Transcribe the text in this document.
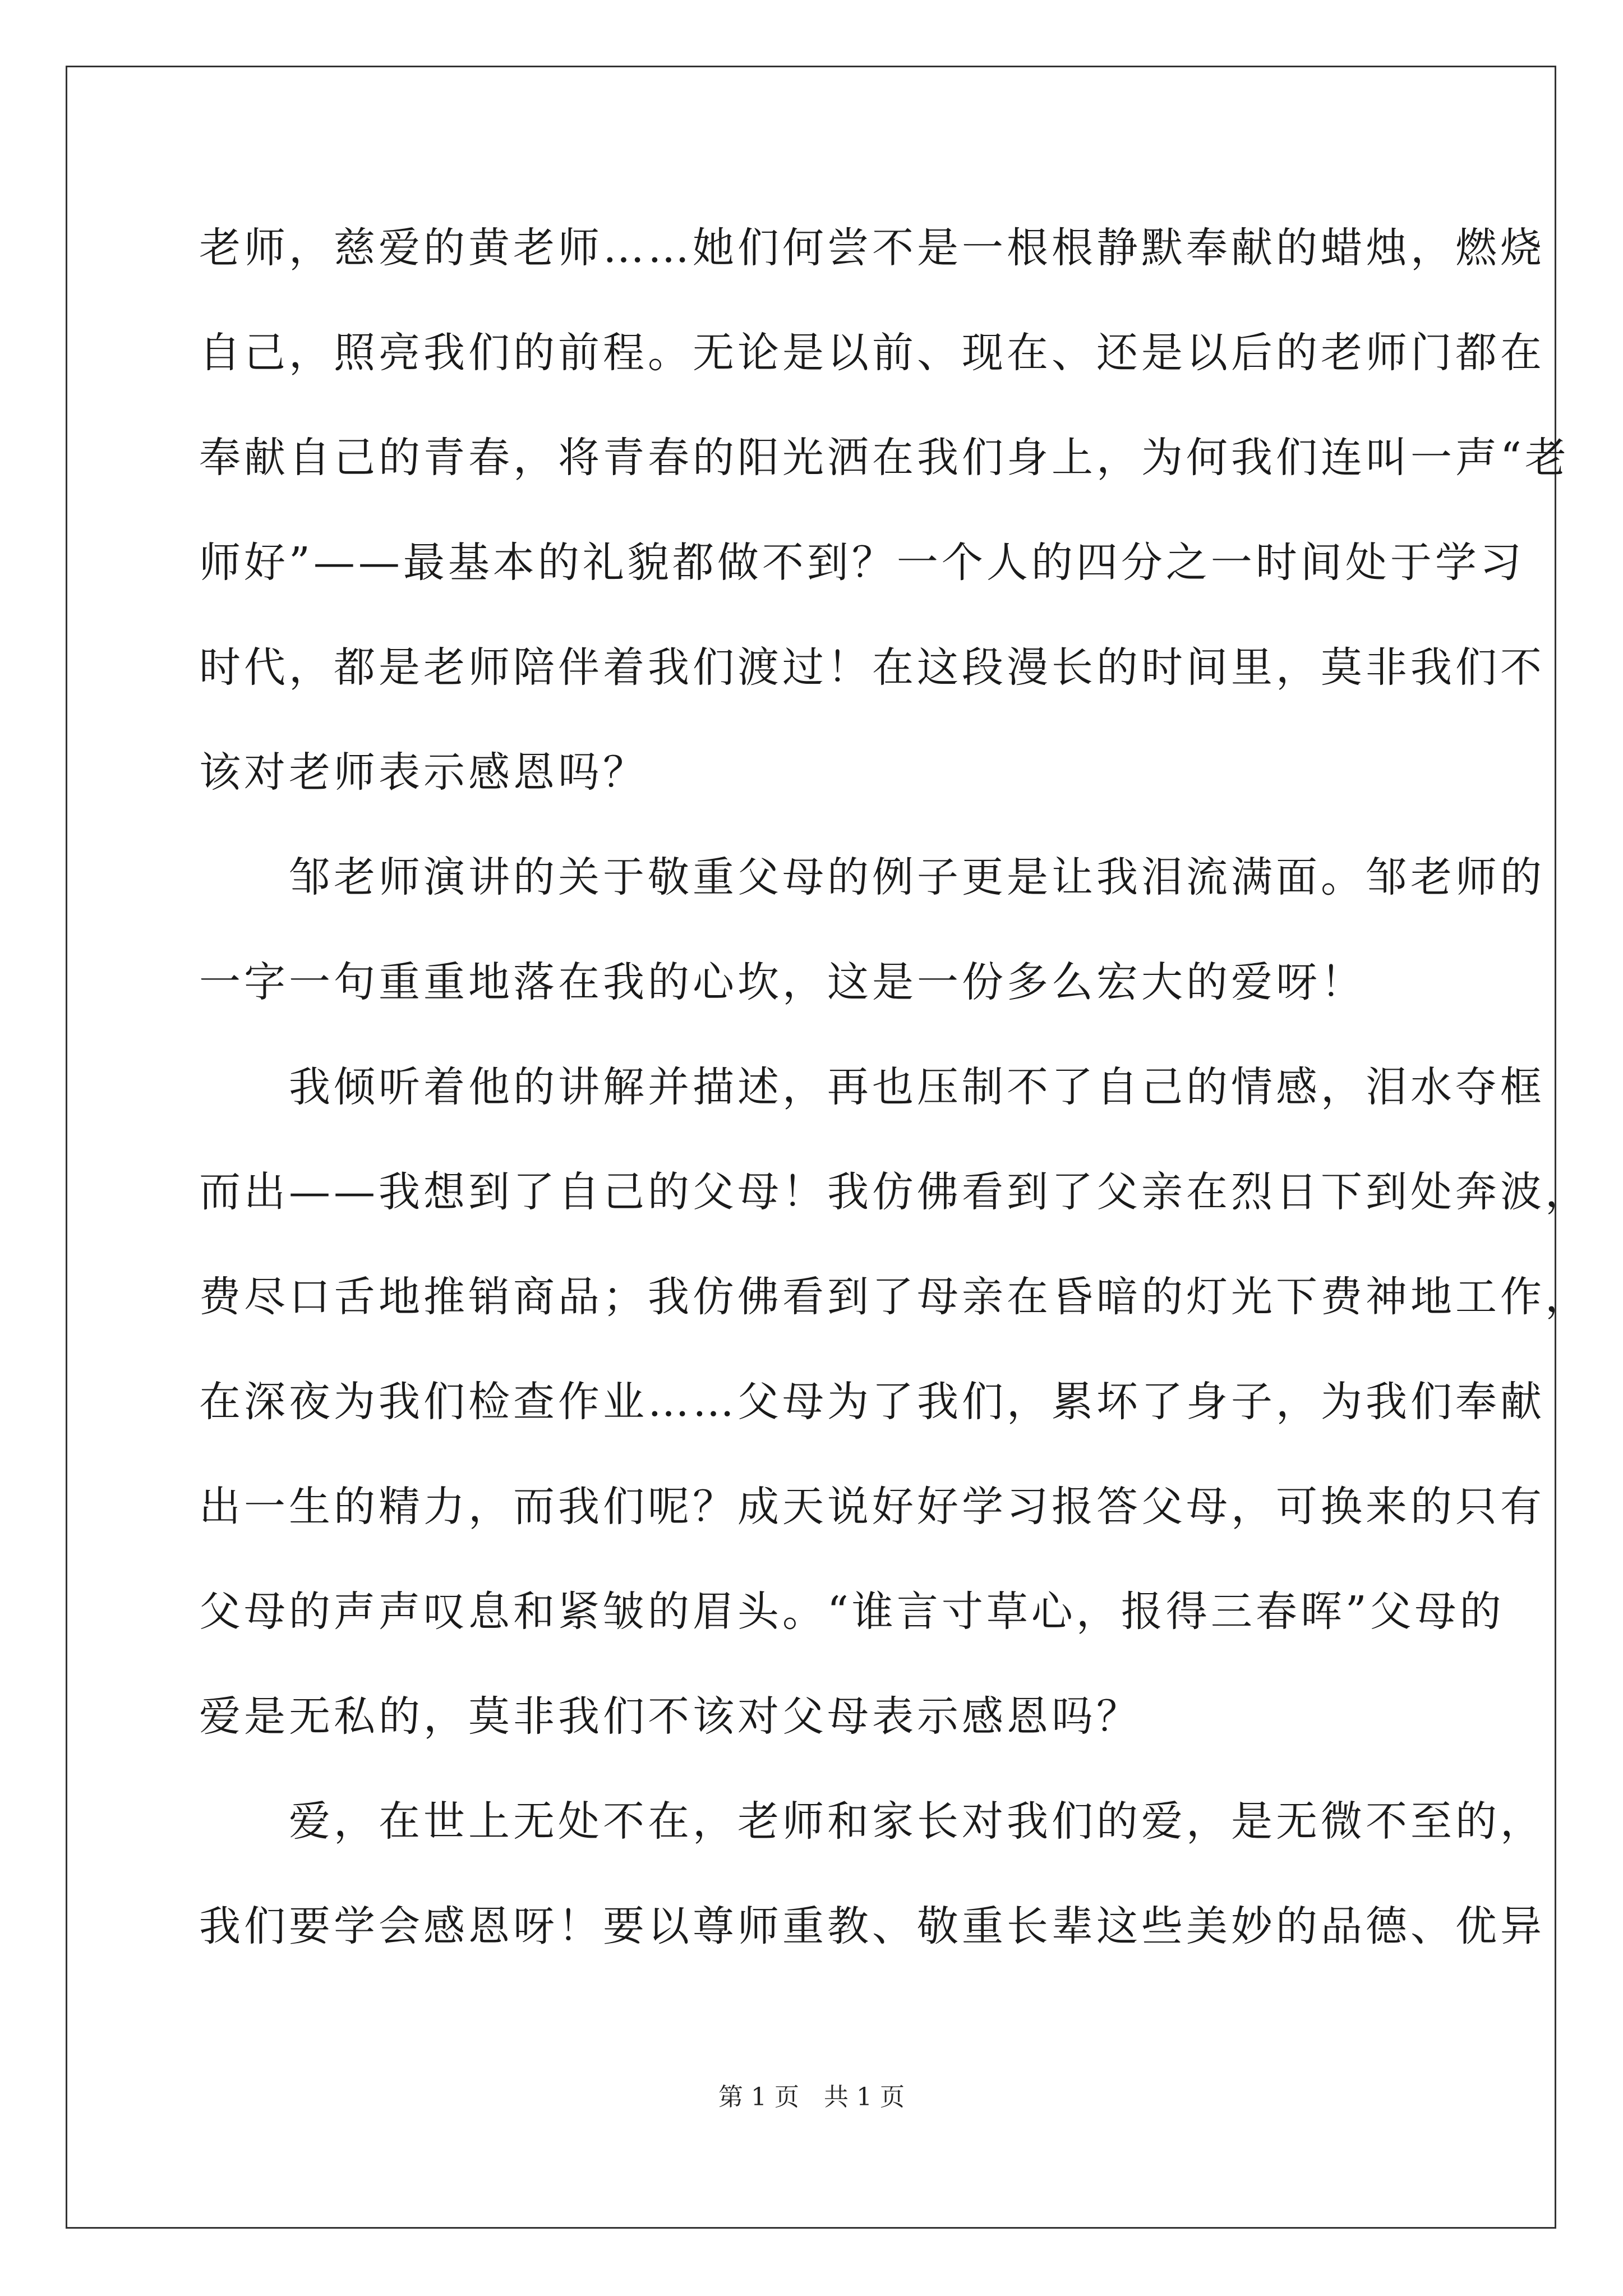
老师，慈爱的黄老师……她们何尝不是一根根静默奉献的蜡烛，燃烧
自己，照亮我们的前程。无论是以前、现在、还是以后的老师门都在
奉献自己的青春，将青春的阳光洒在我们身上，为何我们连叫一声“老
师好”——最基本的礼貌都做不到？一个人的四分之一时间处于学习
时代，都是老师陪伴着我们渡过！在这段漫长的时间里，莫非我们不
该对老师表示感恩吗？
　　邹老师演讲的关于敬重父母的例子更是让我泪流满面。邹老师的
一字一句重重地落在我的心坎，这是一份多么宏大的爱呀！
　　我倾听着他的讲解并描述，再也压制不了自己的情感，泪水夺框
而出——我想到了自己的父母！我仿佛看到了父亲在烈日下到处奔波，
费尽口舌地推销商品；我仿佛看到了母亲在昏暗的灯光下费神地工作，
在深夜为我们检查作业……父母为了我们，累坏了身子，为我们奉献
出一生的精力，而我们呢？成天说好好学习报答父母，可换来的只有
父母的声声叹息和紧皱的眉头。“谁言寸草心，报得三春晖”父母的
爱是无私的，莫非我们不该对父母表示感恩吗？
　　爱，在世上无处不在，老师和家长对我们的爱，是无微不至的，
我们要学会感恩呀！要以尊师重教、敬重长辈这些美妙的品德、优异
第 1 页　共 1 页
